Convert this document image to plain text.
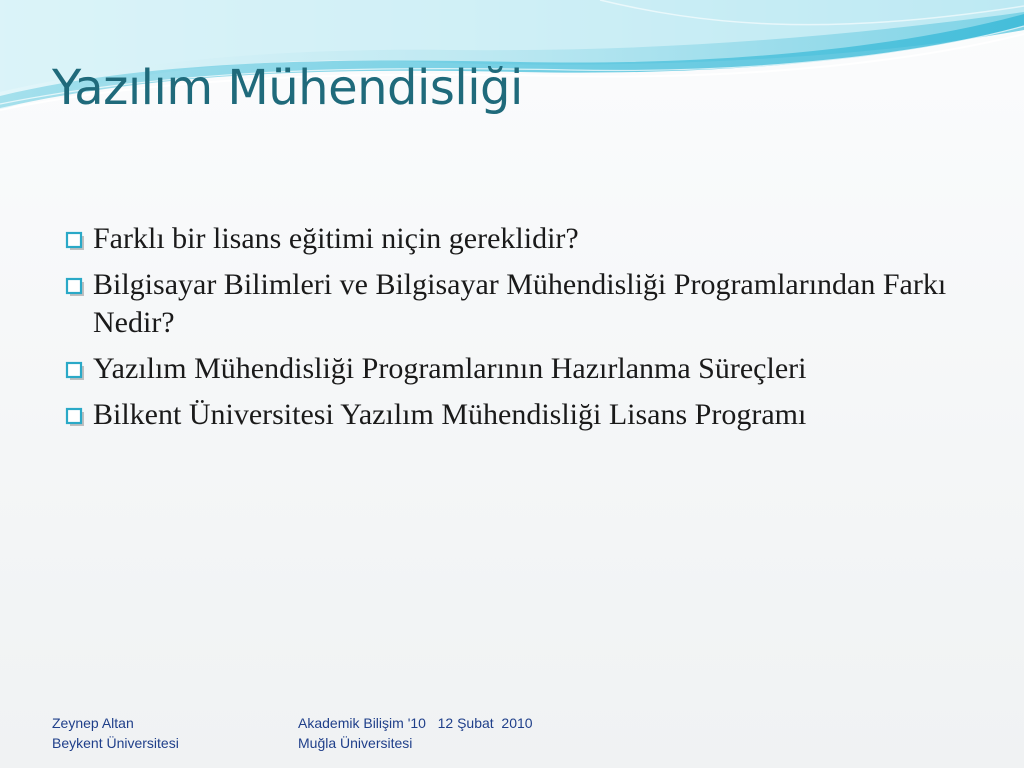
Yazılım Mühendisliği
Farklı bir lisans eğitimi niçin gereklidir?
Bilgisayar Bilimleri ve Bilgisayar Mühendisliği Programlarından Farkı Nedir?
Yazılım Mühendisliği Programlarının Hazırlanma Süreçleri
Bilkent Üniversitesi Yazılım Mühendisliği Lisans Programı
Zeynep Altan
Beykent Üniversitesi
Akademik Bilişim '10   12 Şubat  2010
Muğla Üniversitesi
